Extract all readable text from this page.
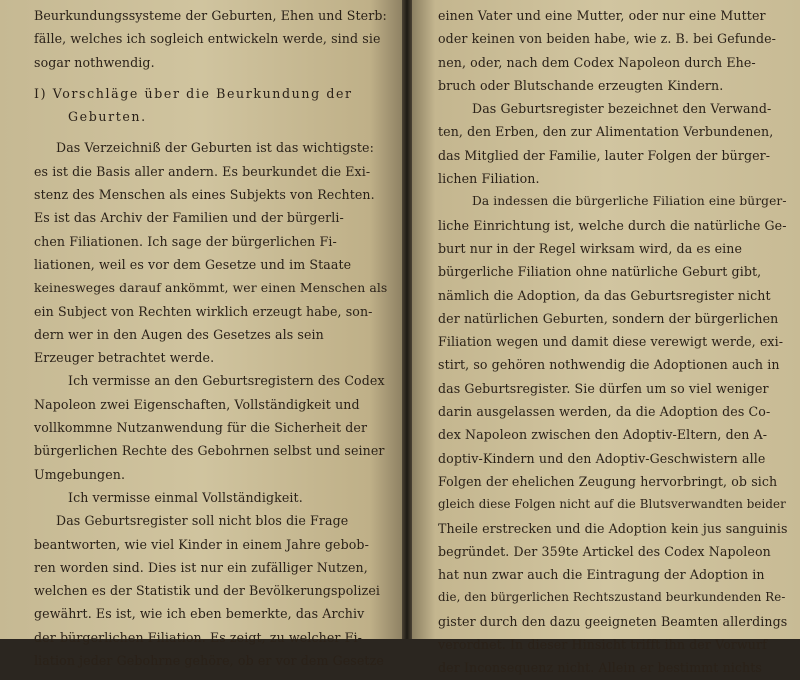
Beurkundungssysteme der Geburten, Ehen und Sterb:
fälle, welches ich sogleich entwickeln werde, sind sie
sogar nothwendig.
I) Vorschläge über die Beurkundung der
Geburten.
Das Verzeichniß der Geburten ist das wichtigste:
es ist die Basis aller andern. Es beurkundet die Exi-
stenz des Menschen als eines Subjekts von Rechten.
Es ist das Archiv der Familien und der bürgerli-
chen Filiationen. Ich sage der bürgerlichen Fi-
liationen, weil es vor dem Gesetze und im Staate
keinesweges darauf ankömmt, wer einen Menschen als
ein Subject von Rechten wirklich erzeugt habe, son-
dern wer in den Augen des Gesetzes als sein
Erzeuger betrachtet werde.
Ich vermisse an den Geburtsregistern des Codex
Napoleon zwei Eigenschaften, Vollständigkeit und
vollkommne Nutzanwendung für die Sicherheit der
bürgerlichen Rechte des Gebohrnen selbst und seiner
Umgebungen.
Ich vermisse einmal Vollständigkeit.
Das Geburtsregister soll nicht blos die Frage
beantworten, wie viel Kinder in einem Jahre gebob-
ren worden sind. Dies ist nur ein zufälliger Nutzen,
welchen es der Statistik und der Bevölkerungspolizei
gewährt. Es ist, wie ich eben bemerkte, das Archiv
der bürgerlichen Filiation. Es zeigt, zu welcher Fi-
liation jeder Gebohrne gehöre, ob er vor dem Gesetze
einen Vater und eine Mutter, oder nur eine Mutter
oder keinen von beiden habe, wie z. B. bei Gefunde-
nen, oder, nach dem Codex Napoleon durch Ehe-
bruch oder Blutschande erzeugten Kindern.
Das Geburtsregister bezeichnet den Verwand-
ten, den Erben, den zur Alimentation Verbundenen,
das Mitglied der Familie, lauter Folgen der bürger-
lichen Filiation.
Da indessen die bürgerliche Filiation eine bürger-
liche Einrichtung ist, welche durch die natürliche Ge-
burt nur in der Regel wirksam wird, da es eine
bürgerliche Filiation ohne natürliche Geburt gibt,
nämlich die Adoption, da das Geburtsregister nicht
der natürlichen Geburten, sondern der bürgerlichen
Filiation wegen und damit diese verewigt werde, exi-
stirt, so gehören nothwendig die Adoptionen auch in
das Geburtsregister. Sie dürfen um so viel weniger
darin ausgelassen werden, da die Adoption des Co-
dex Napoleon zwischen den Adoptiv-Eltern, den A-
doptiv-Kindern und den Adoptiv-Geschwistern alle
Folgen der ehelichen Zeugung hervorbringt, ob sich
gleich diese Folgen nicht auf die Blutsverwandten beider
Theile erstrecken und die Adoption kein jus sanguinis
begründet. Der 359te Artickel des Codex Napoleon
hat nun zwar auch die Eintragung der Adoption in
die, den bürgerlichen Rechtszustand beurkundenden Re-
gister durch den dazu geeigneten Beamten allerdings
verordnet. In dieser Hinsicht trifft ihn der Vorwurf
der Inconsequenz nicht. Allein er bestimmt nichts
